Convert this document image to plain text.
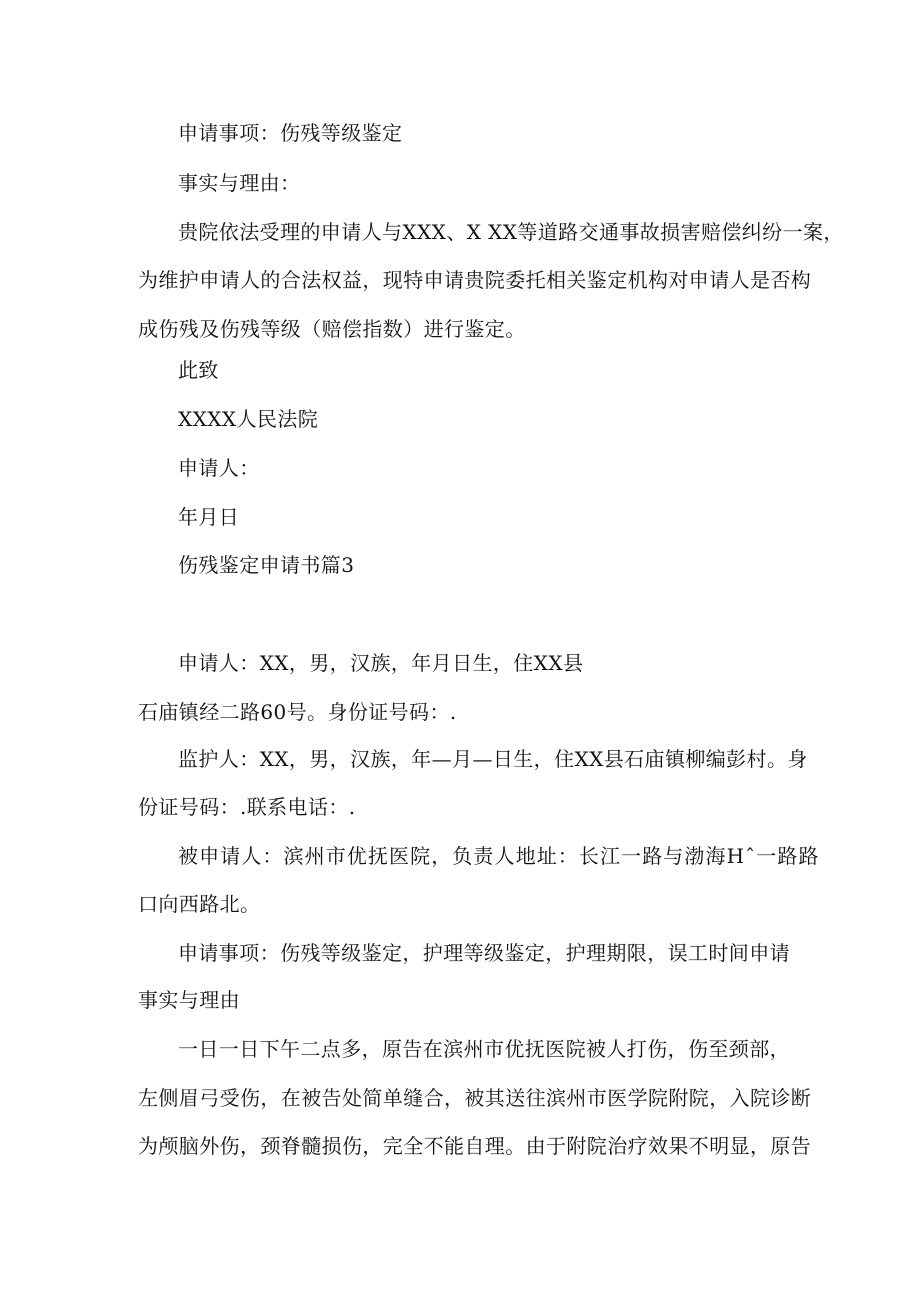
申请事项：伤残等级鉴定
事实与理由：
贵院依法受理的申请人与XXX、X XX等道路交通事故损害赔偿纠纷一案，
为维护申请人的合法权益，现特申请贵院委托相关鉴定机构对申请人是否构
成伤残及伤残等级（赔偿指数）进行鉴定。
此致
XXXX人民法院
申请人：
年月日
伤残鉴定申请书篇3
申请人：XX，男，汉族，年月日生，住XX县
石庙镇经二路60号。身份证号码：.
监护人：XX，男，汉族，年—月—日生，住XX县石庙镇柳编彭村。身
份证号码：.联系电话：.
被申请人：滨州市优抚医院，负责人地址：长江一路与渤海Hˆ一路路
口向西路北。
申请事项：伤残等级鉴定，护理等级鉴定，护理期限，误工时间申请
事实与理由
一日一日下午二点多，原告在滨州市优抚医院被人打伤，伤至颈部，
左侧眉弓受伤，在被告处简单缝合，被其送往滨州市医学院附院，入院诊断
为颅脑外伤，颈脊髓损伤，完全不能自理。由于附院治疗效果不明显，原告
